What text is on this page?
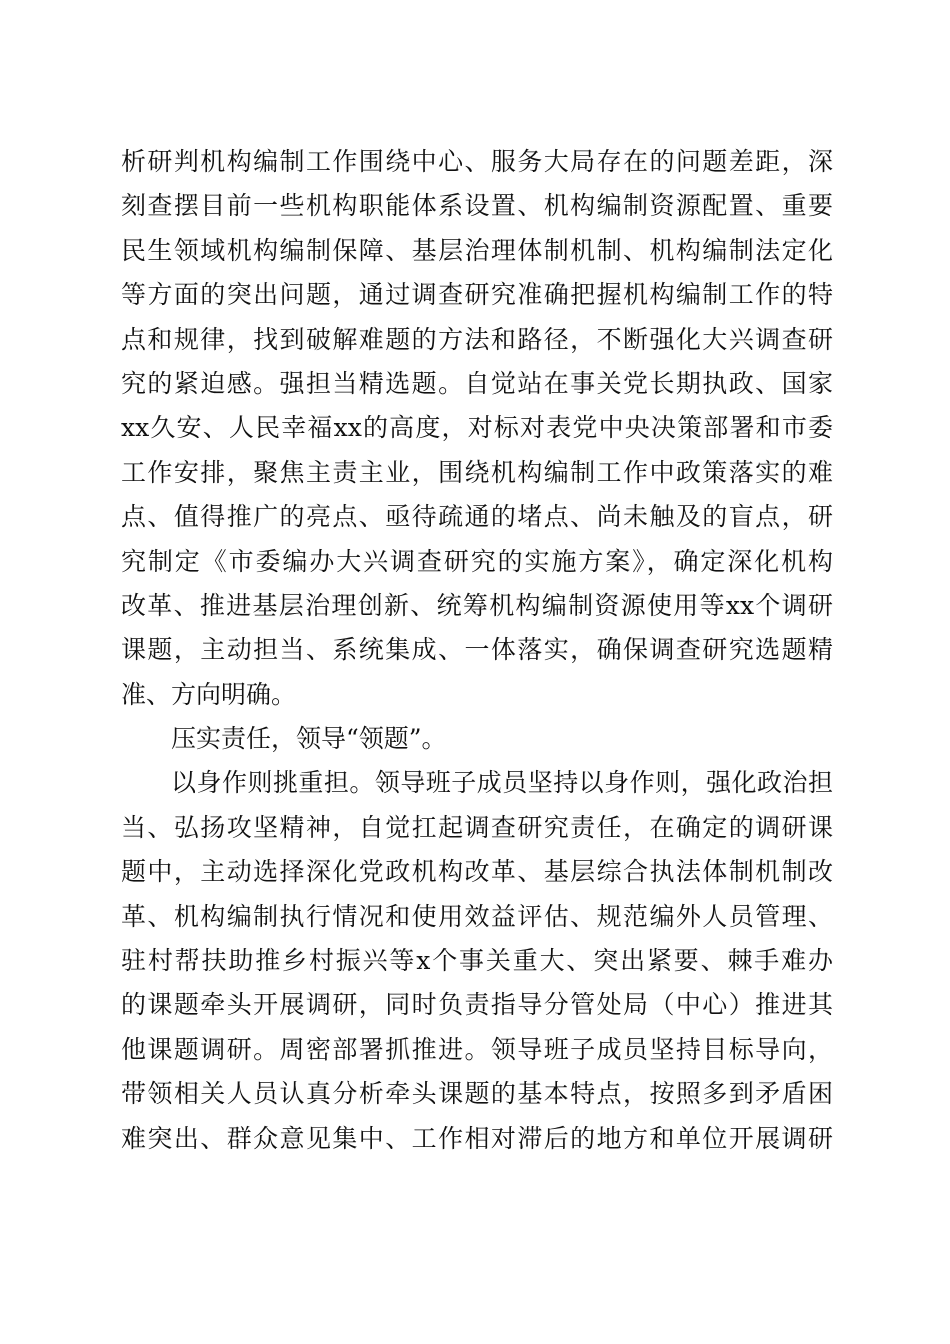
析研判机构编制工作围绕中心、服务大局存在的问题差距，深
刻查摆目前一些机构职能体系设置、机构编制资源配置、重要
民生领域机构编制保障、基层治理体制机制、机构编制法定化
等方面的突出问题，通过调查研究准确把握机构编制工作的特
点和规律，找到破解难题的方法和路径，不断强化大兴调查研
究的紧迫感。强担当精选题。自觉站在事关党长期执政、国家
xx久安、人民幸福xx的高度，对标对表党中央决策部署和市委
工作安排，聚焦主责主业，围绕机构编制工作中政策落实的难
点、值得推广的亮点、亟待疏通的堵点、尚未触及的盲点，研
究制定《市委编办大兴调查研究的实施方案》，确定深化机构
改革、推进基层治理创新、统筹机构编制资源使用等xx个调研
课题，主动担当、系统集成、一体落实，确保调查研究选题精
准、方向明确。
压实责任，领导“领题”。
以身作则挑重担。领导班子成员坚持以身作则，强化政治担
当、弘扬攻坚精神，自觉扛起调查研究责任，在确定的调研课
题中，主动选择深化党政机构改革、基层综合执法体制机制改
革、机构编制执行情况和使用效益评估、规范编外人员管理、
驻村帮扶助推乡村振兴等x个事关重大、突出紧要、棘手难办
的课题牵头开展调研，同时负责指导分管处局（中心）推进其
他课题调研。周密部署抓推进。领导班子成员坚持目标导向，
带领相关人员认真分析牵头课题的基本特点，按照多到矛盾困
难突出、群众意见集中、工作相对滞后的地方和单位开展调研
